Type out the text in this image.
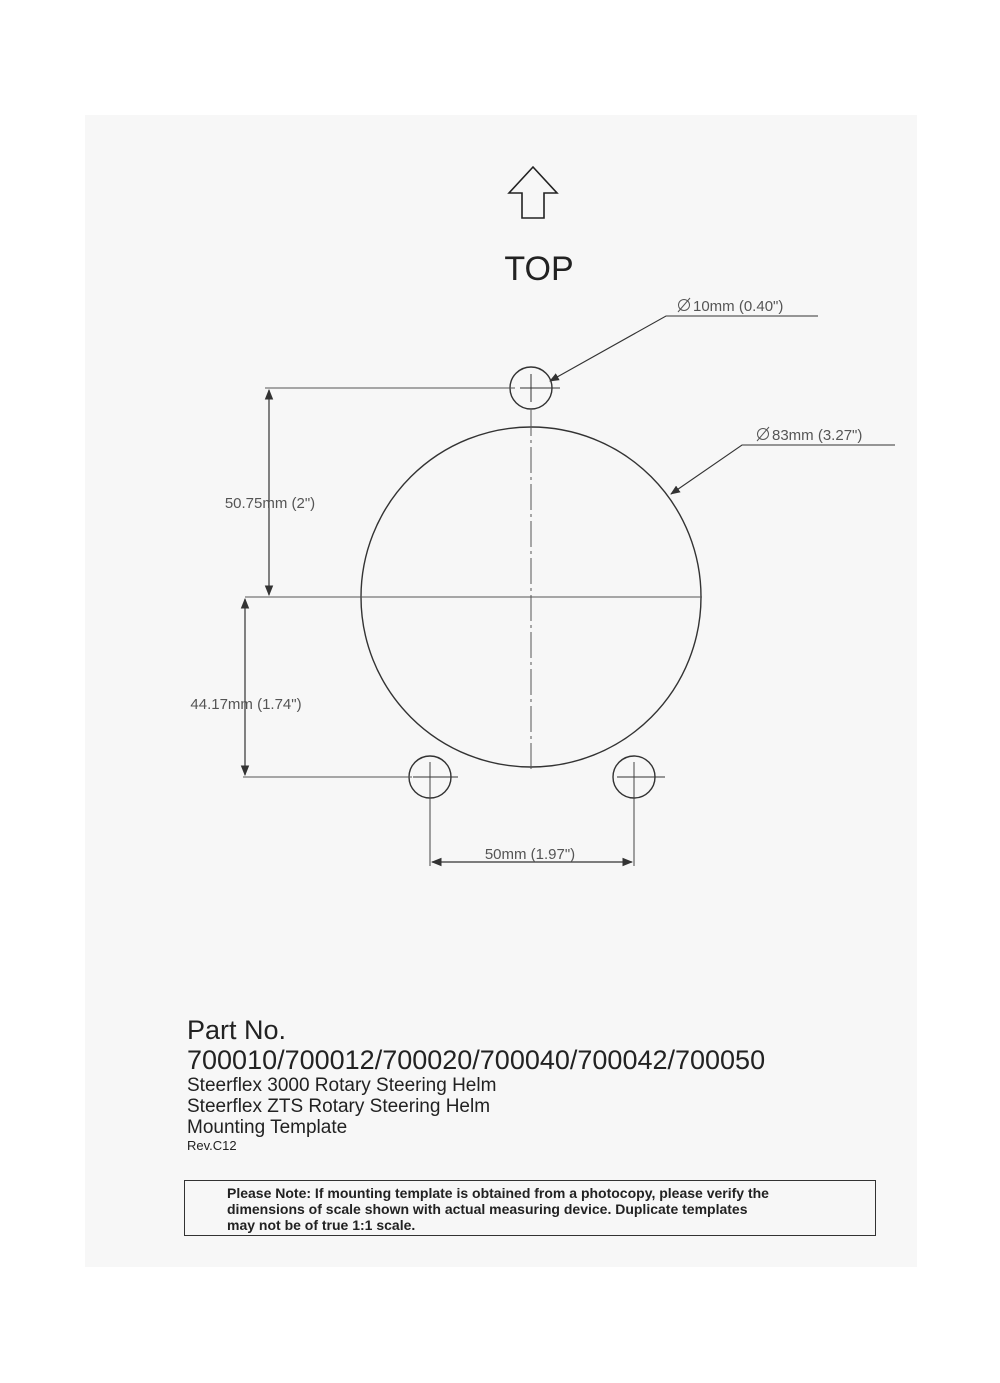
TOP
50.75mm (2")
44.17mm (1.74")
50mm (1.97")
10mm (0.40")
83mm (3.27")
Part No.
700010/700012/700020/700040/700042/700050
Steerflex 3000 Rotary Steering Helm
Steerflex ZTS Rotary Steering Helm
Mounting Template
Rev.C12
Please Note: If mounting template is obtained from a photocopy, please verify the
dimensions of scale shown with actual measuring device. Duplicate templates
may not be of true 1:1 scale.
